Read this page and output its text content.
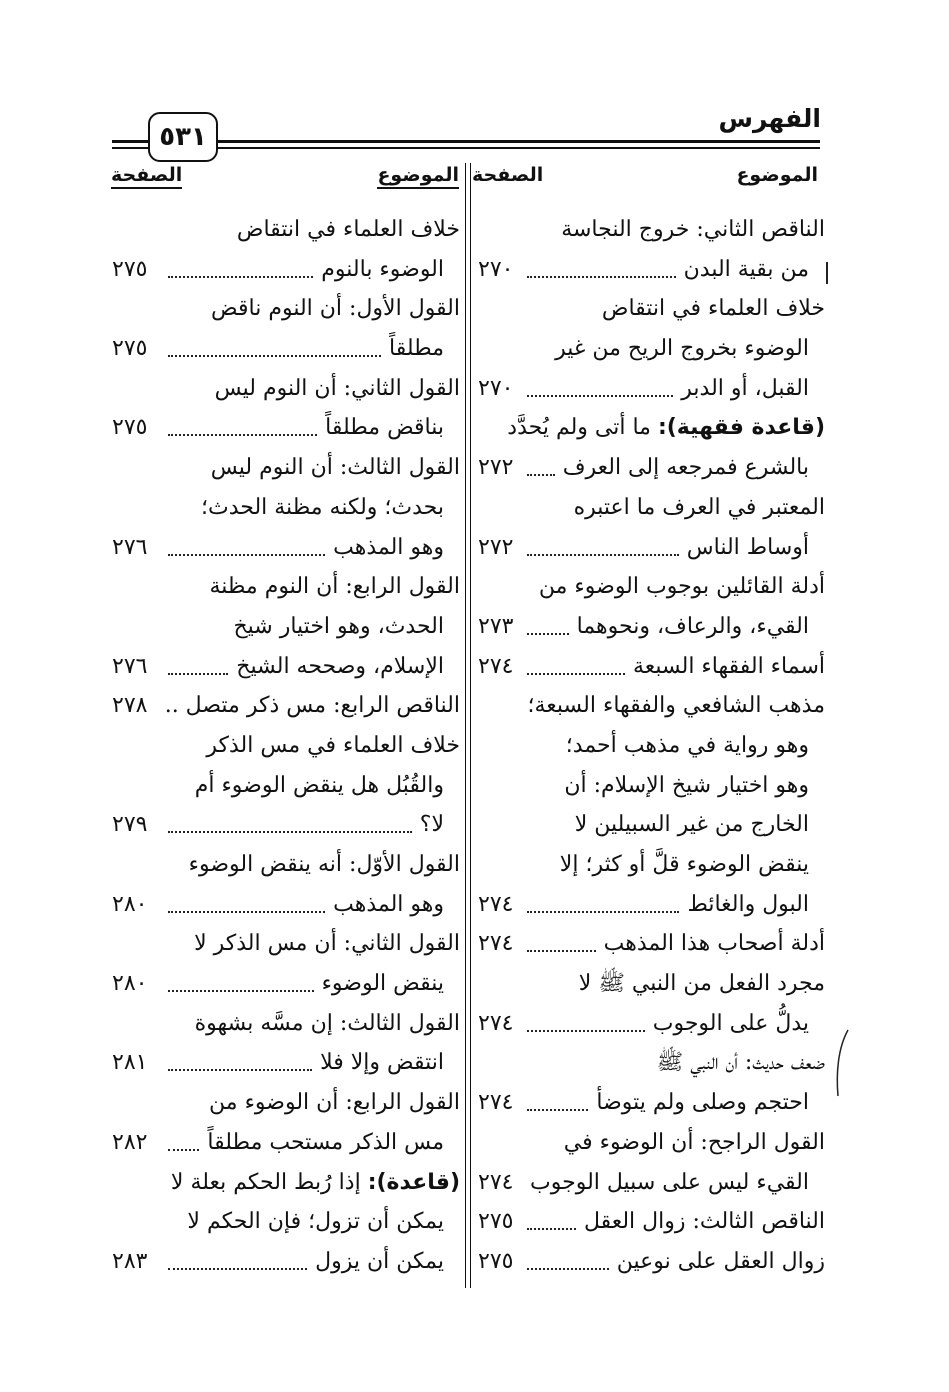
الفهرس
٥٣١
الموضوع
الصفحة
الموضوع
الصفحة
الناقص الثاني: خروج النجاسة
من بقية البدن
٢٧٠
خلاف العلماء في انتقاض
الوضوء بخروج الريح من غير
القبل، أو الدبر
٢٧٠
(قاعدة فقهية): ما أتى ولم يُحدَّد
بالشرع فمرجعه إلى العرف
٢٧٢
المعتبر في العرف ما اعتبره
أوساط الناس
٢٧٢
أدلة القائلين بوجوب الوضوء من
القيء، والرعاف، ونحوهما
٢٧٣
أسماء الفقهاء السبعة
٢٧٤
مذهب الشافعي والفقهاء السبعة؛
وهو رواية في مذهب أحمد؛
وهو اختيار شيخ الإسلام: أن
الخارج من غير السبيلين لا
ينقض الوضوء قلَّ أو كثر؛ إلا
البول والغائط
٢٧٤
أدلة أصحاب هذا المذهب
٢٧٤
مجرد الفعل من النبي ﷺ لا
يدلُّ على الوجوب
٢٧٤
ضعف حديث: أن النبي ﷺ
احتجم وصلى ولم يتوضأ
٢٧٤
القول الراجح: أن الوضوء في
القيء ليس على سبيل الوجوب
٢٧٤
الناقص الثالث: زوال العقل
٢٧٥
زوال العقل على نوعين
٢٧٥
خلاف العلماء في انتقاض
الوضوء بالنوم
٢٧٥
القول الأول: أن النوم ناقض
مطلقاً
٢٧٥
القول الثاني: أن النوم ليس
بناقض مطلقاً
٢٧٥
القول الثالث: أن النوم ليس
بحدث؛ ولكنه مظنة الحدث؛
وهو المذهب
٢٧٦
القول الرابع: أن النوم مظنة
الحدث، وهو اختيار شيخ
الإسلام، وصححه الشيخ
٢٧٦
الناقص الرابع: مس ذكر متصل ..
٢٧٨
خلاف العلماء في مس الذكر
والقُبُل هل ينقض الوضوء أم
لا؟
٢٧٩
القول الأوّل: أنه ينقض الوضوء
وهو المذهب
٢٨٠
القول الثاني: أن مس الذكر لا
ينقض الوضوء
٢٨٠
القول الثالث: إن مسَّه بشهوة
انتقض وإلا فلا
٢٨١
القول الرابع: أن الوضوء من
مس الذكر مستحب مطلقاً
٢٨٢
(قاعدة): إذا رُبط الحكم بعلة لا
يمكن أن تزول؛ فإن الحكم لا
يمكن أن يزول
٢٨٣
